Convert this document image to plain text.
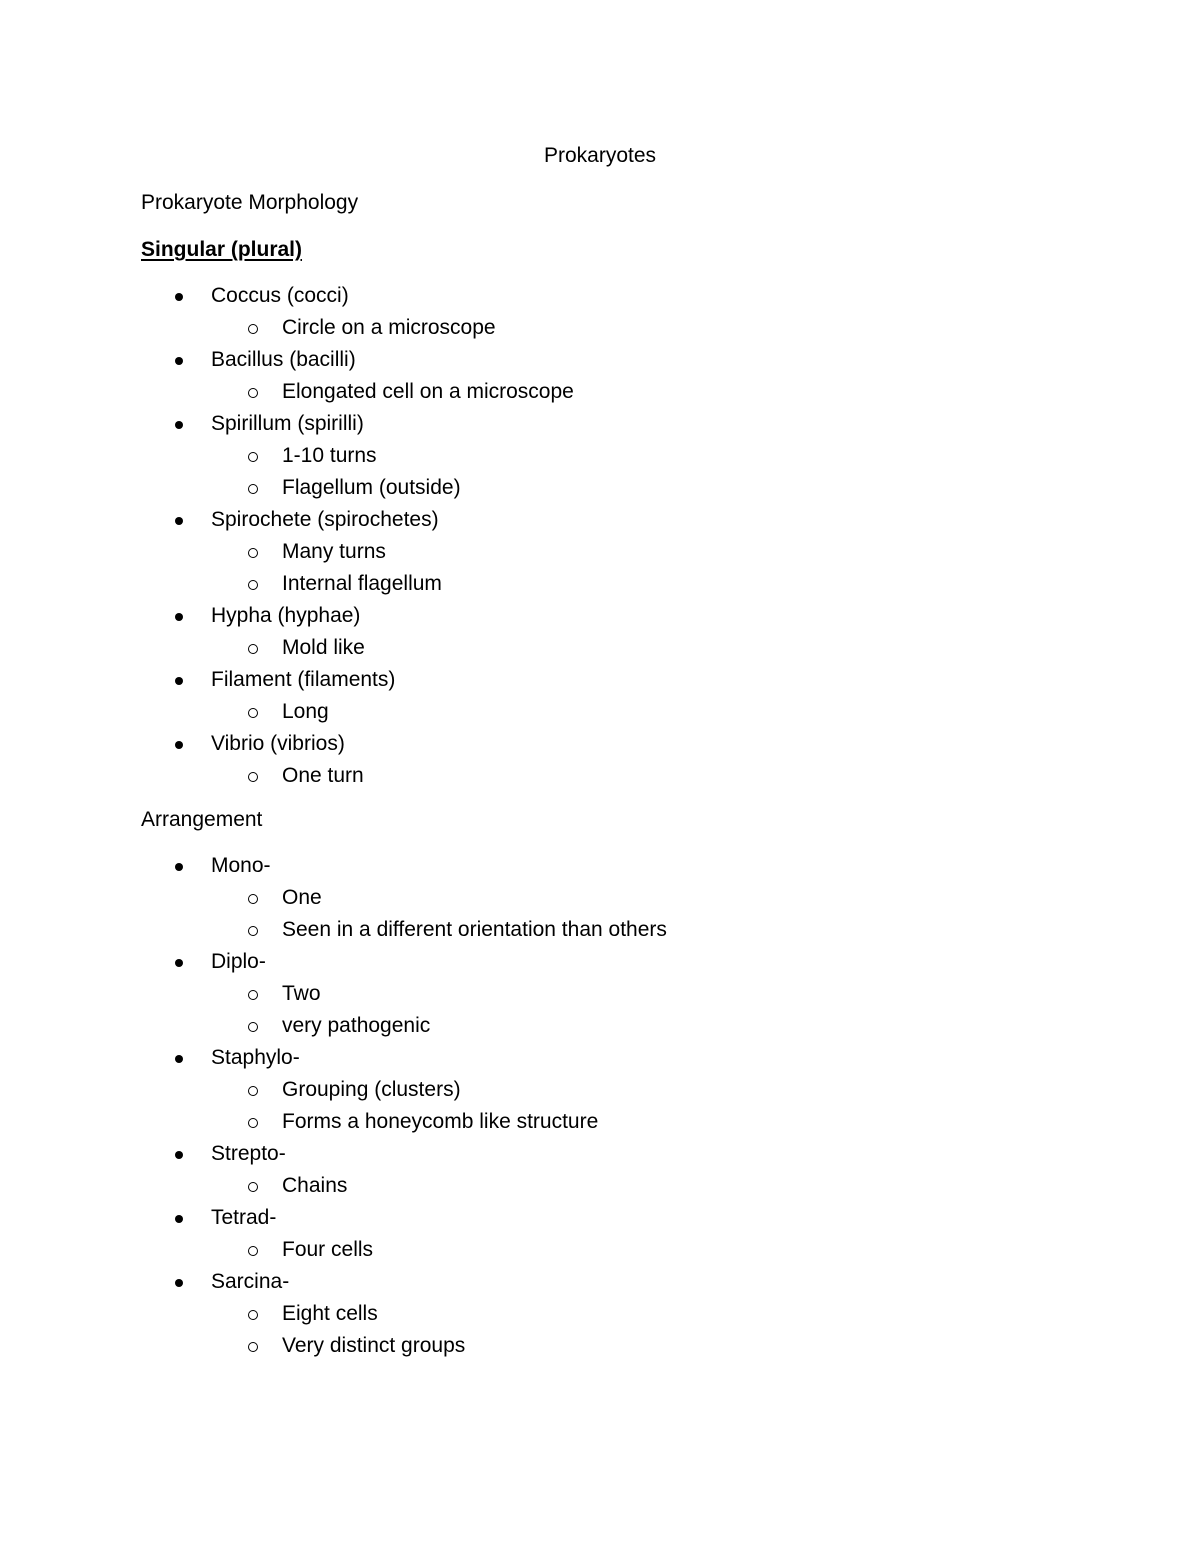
Prokaryotes
Prokaryote Morphology
Singular (plural)
Coccus (cocci)
Circle on a microscope
Bacillus (bacilli)
Elongated cell on a microscope
Spirillum (spirilli)
1-10 turns
Flagellum (outside)
Spirochete (spirochetes)
Many turns
Internal flagellum
Hypha (hyphae)
Mold like
Filament (filaments)
Long
Vibrio (vibrios)
One turn
Arrangement
Mono-
One
Seen in a different orientation than others
Diplo-
Two
very pathogenic
Staphylo-
Grouping (clusters)
Forms a honeycomb like structure
Strepto-
Chains
Tetrad-
Four cells
Sarcina-
Eight cells
Very distinct groups
